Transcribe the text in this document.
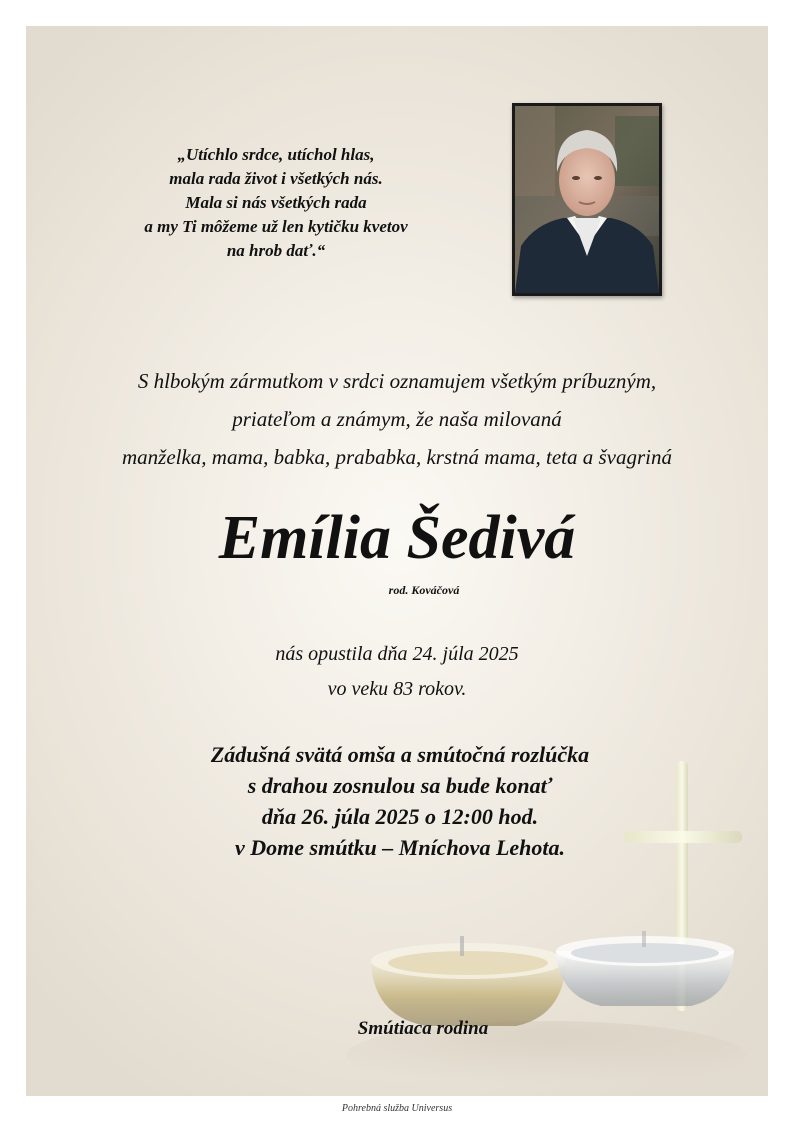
„Utíchlo srdce, utíchol hlas,
mala rada život i všetkých nás.
Mala si nás všetkých rada
a my Ti môžeme už len kytičku kvetov
na hrob dať.“
S hlbokým zármutkom v srdci oznamujem všetkým príbuzným,
priateľom a známym, že naša milovaná
manželka, mama, babka, prababka, krstná mama, teta a švagriná
Emília Šedivá
rod. Kováčová
Smútiaca rodina
nás opustila dňa 24. júla 2025
vo veku 83 rokov.
Zádušná svätá omša a smútočná rozlúčka
s drahou zosnulou sa bude konať
dňa 26. júla 2025 o 12:00 hod.
v Dome smútku – Mníchova Lehota.
Pohrebná služba Universus
